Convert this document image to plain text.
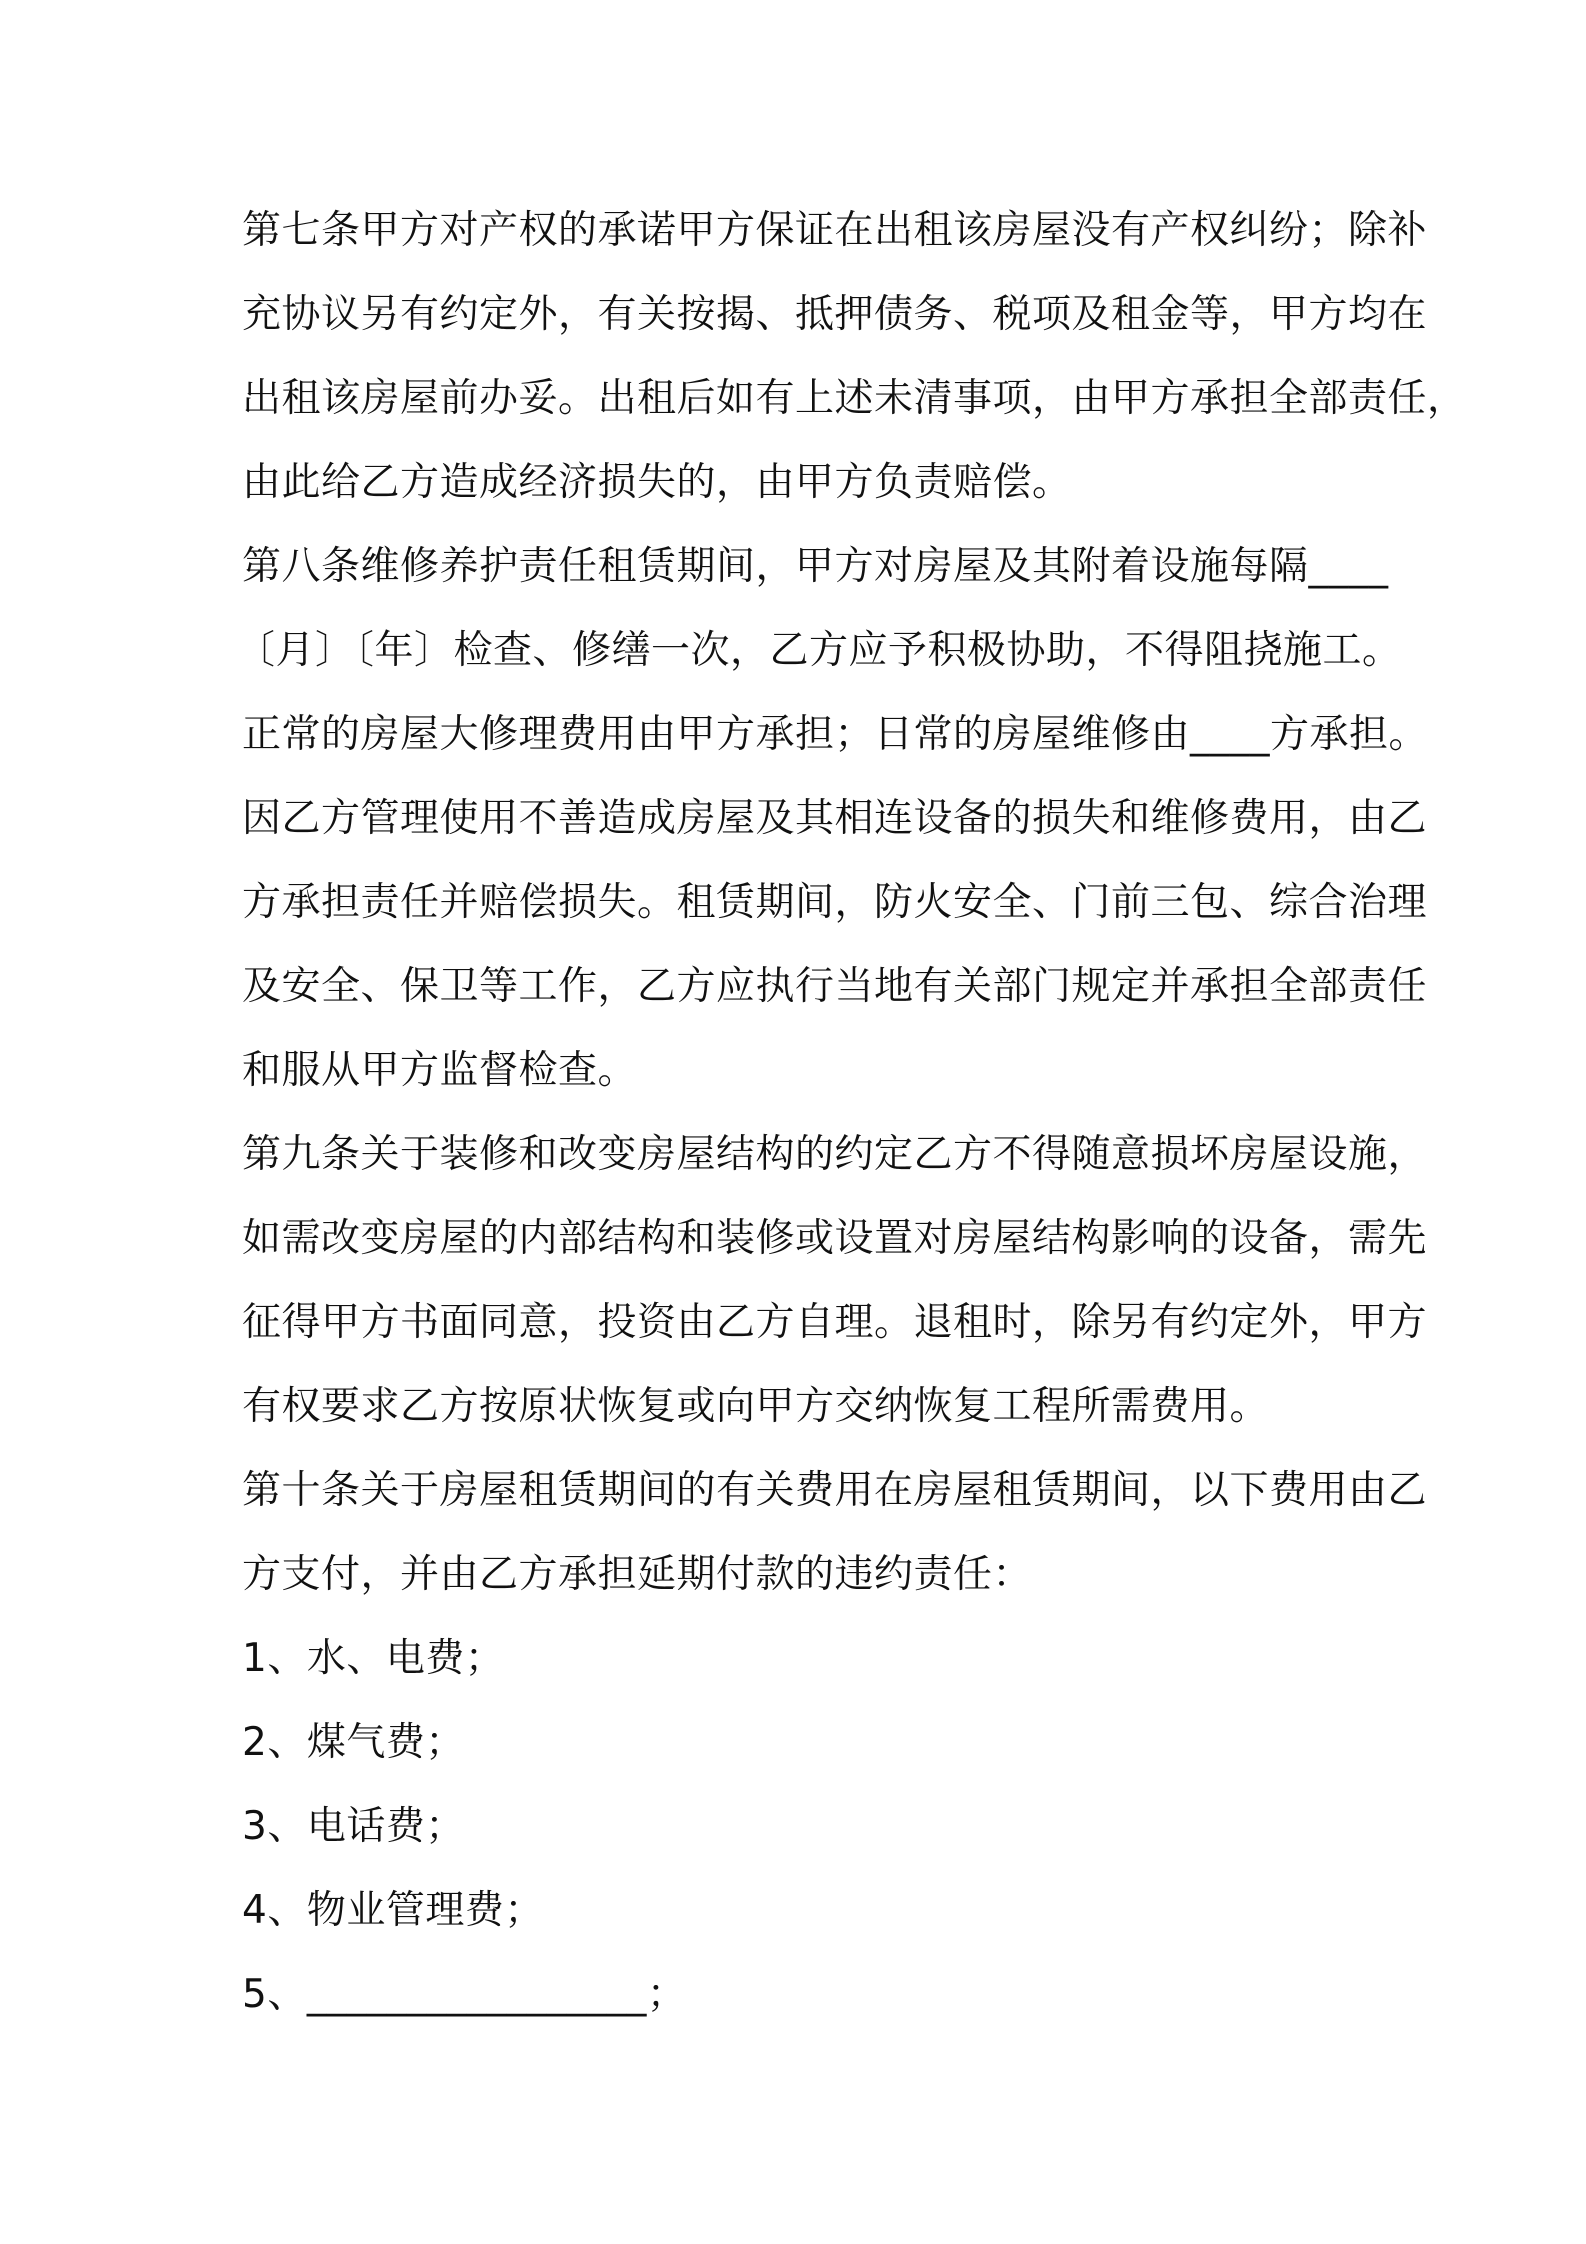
第七条甲方对产权的承诺甲方保证在出租该房屋没有产权纠纷；除补
充协议另有约定外，有关按揭、抵押债务、税项及租金等，甲方均在
出租该房屋前办妥。出租后如有上述未清事项，由甲方承担全部责任，
由此给乙方造成经济损失的，由甲方负责赔偿。
第八条维修养护责任租赁期间，甲方对房屋及其附着设施每隔____
〔月〕〔年〕检查、修缮一次，乙方应予积极协助，不得阻挠施工。
正常的房屋大修理费用由甲方承担；日常的房屋维修由____方承担。
因乙方管理使用不善造成房屋及其相连设备的损失和维修费用，由乙
方承担责任并赔偿损失。租赁期间，防火安全、门前三包、综合治理
及安全、保卫等工作，乙方应执行当地有关部门规定并承担全部责任
和服从甲方监督检查。
第九条关于装修和改变房屋结构的约定乙方不得随意损坏房屋设施，
如需改变房屋的内部结构和装修或设置对房屋结构影响的设备，需先
征得甲方书面同意，投资由乙方自理。退租时，除另有约定外，甲方
有权要求乙方按原状恢复或向甲方交纳恢复工程所需费用。
第十条关于房屋租赁期间的有关费用在房屋租赁期间，以下费用由乙
方支付，并由乙方承担延期付款的违约责任：
1、水、电费；
2、煤气费；
3、电话费；
4、物业管理费；
5、_________________；
